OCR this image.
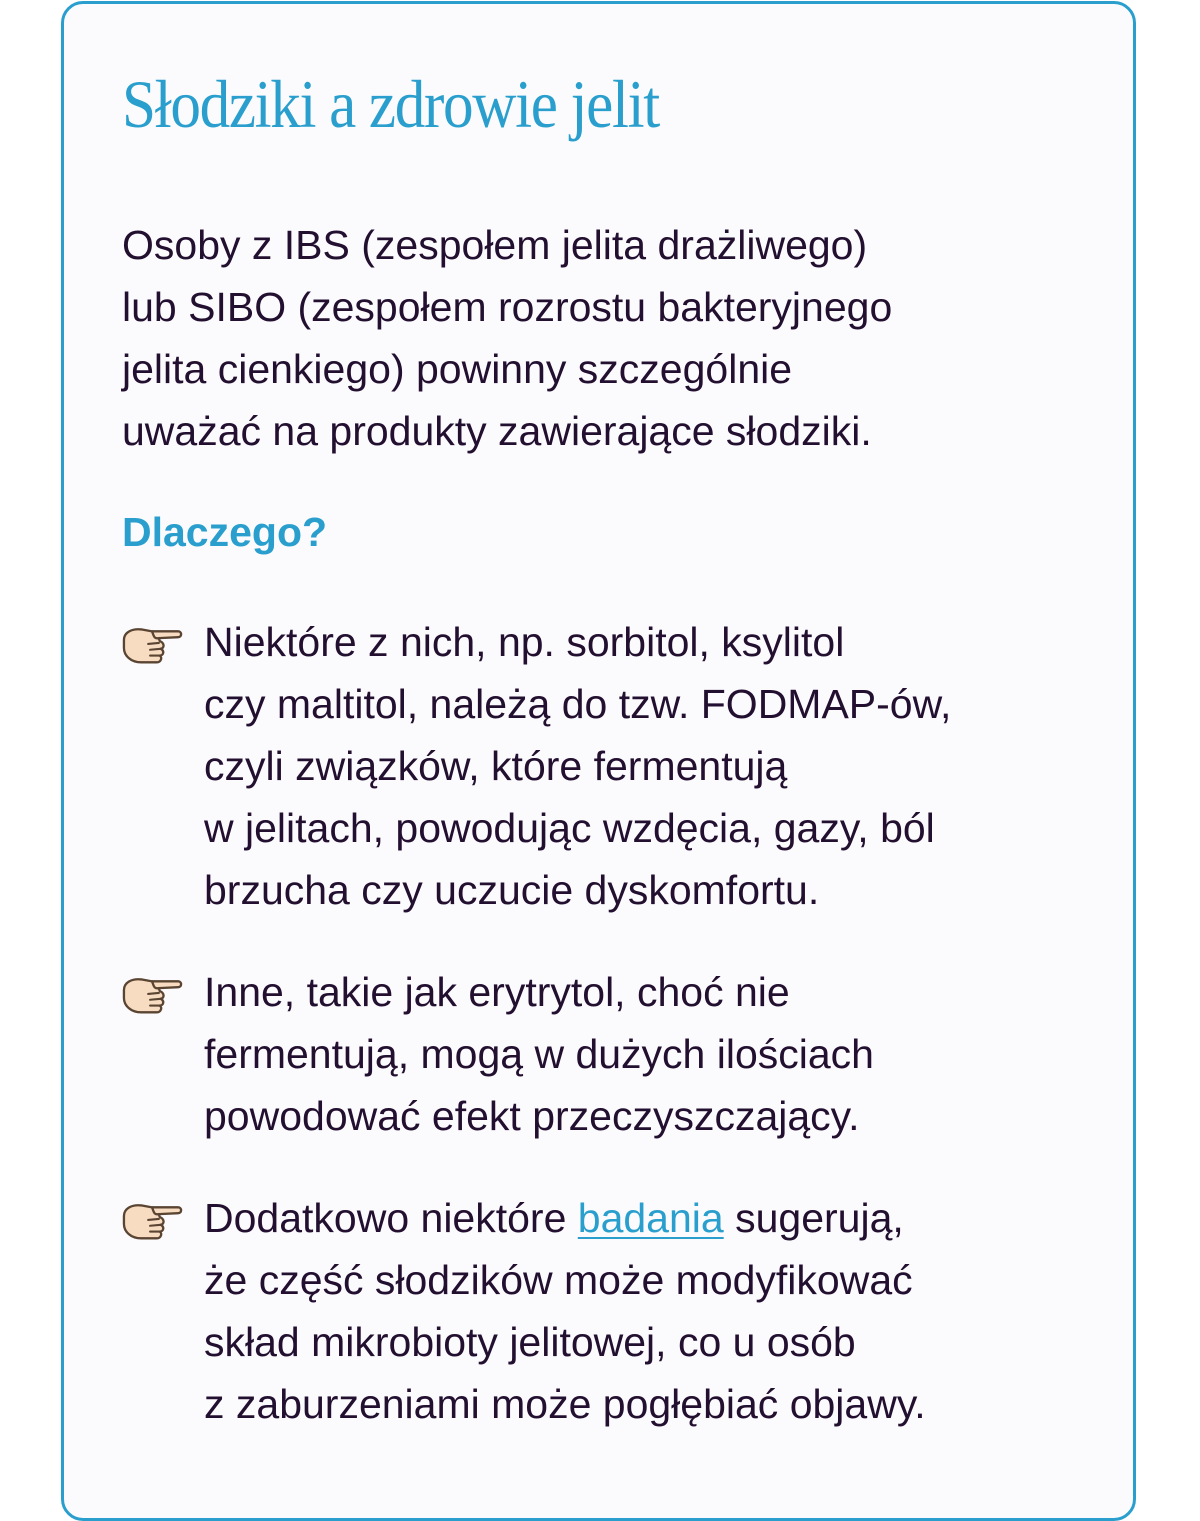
Słodziki a zdrowie jelit

Osoby z IBS (zespołem jelita drażliwego)
lub SIBO (zespołem rozrostu bakteryjnego
jelita cienkiego) powinny szczególnie
uważać na produkty zawierające słodziki.

Dlaczego?

Niektóre z nich, np. sorbitol, ksylitol
czy maltitol, należą do tzw. FODMAP-ów,
czyli związków, które fermentują
w jelitach, powodując wzdęcia, gazy, ból
brzucha czy uczucie dyskomfortu.

Inne, takie jak erytrytol, choć nie
fermentują, mogą w dużych ilościach
powodować efekt przeczyszczający.

Dodatkowo niektóre badania sugerują,
że część słodzików może modyfikować
skład mikrobioty jelitowej, co u osób
z zaburzeniami może pogłębiać objawy.
